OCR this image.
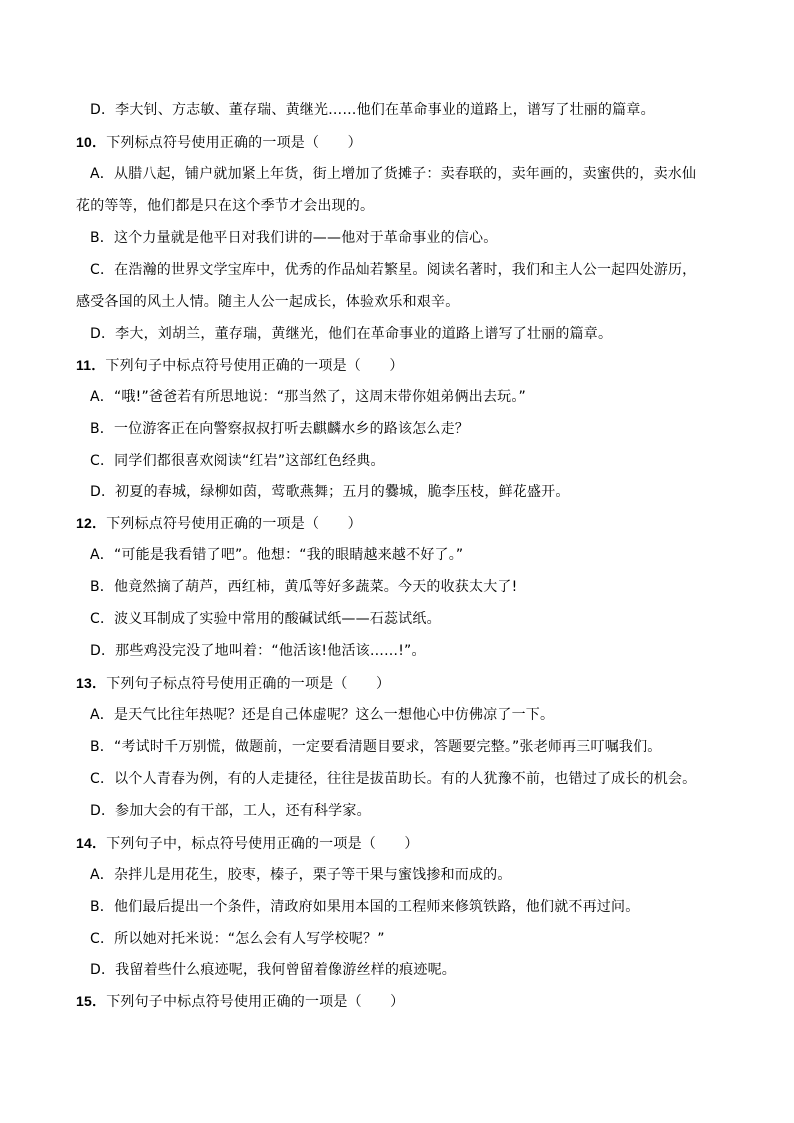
D．李大钊、方志敏、董存瑞、黄继光……他们在革命事业的道路上，谱写了壮丽的篇章。
10．下列标点符号使用正确的一项是（　　）
A．从腊八起，铺户就加紧上年货，街上增加了货摊子：卖春联的，卖年画的，卖蜜供的，卖水仙
花的等等，他们都是只在这个季节才会出现的。
B．这个力量就是他平日对我们讲的——他对于革命事业的信心。
C．在浩瀚的世界文学宝库中，优秀的作品灿若繁星。阅读名著时，我们和主人公一起四处游历，
感受各国的风土人情。随主人公一起成长，体验欢乐和艰辛。
D．李大，刘胡兰，董存瑞，黄继光，他们在革命事业的道路上谱写了壮丽的篇章。
11．下列句子中标点符号使用正确的一项是（　　）
A．“哦!”爸爸若有所思地说：“那当然了，这周末带你姐弟俩出去玩。”
B．一位游客正在向警察叔叔打听去麒麟水乡的路该怎么走？
C．同学们都很喜欢阅读“红岩”这部红色经典。
D．初夏的春城，绿柳如茵，莺歌燕舞；五月的爨城，脆李压枝，鲜花盛开。
12．下列标点符号使用正确的一项是（　　）
A．“可能是我看错了吧”。他想：“我的眼睛越来越不好了。”
B．他竟然摘了葫芦，西红柿，黄瓜等好多蔬菜。今天的收获太大了!
C．波义耳制成了实验中常用的酸碱试纸——石蕊试纸。
D．那些鸡没完没了地叫着：“他活该!他活该……!”。
13．下列句子标点符号使用正确的一项是（　　）
A．是天气比往年热呢？还是自己体虚呢？这么一想他心中仿佛凉了一下。
B．“考试时千万别慌，做题前，一定要看清题目要求，答题要完整。”张老师再三叮嘱我们。
C．以个人青春为例，有的人走捷径，往往是拔苗助长。有的人犹豫不前，也错过了成长的机会。
D．参加大会的有干部，工人，还有科学家。
14．下列句子中，标点符号使用正确的一项是（　　）
A．杂拌儿是用花生，胶枣，榛子，栗子等干果与蜜饯掺和而成的。
B．他们最后提出一个条件，清政府如果用本国的工程师来修筑铁路，他们就不再过问。
C．所以她对托米说：“怎么会有人写学校呢？”
D．我留着些什么痕迹呢，我何曾留着像游丝样的痕迹呢。
15．下列句子中标点符号使用正确的一项是（　　）
